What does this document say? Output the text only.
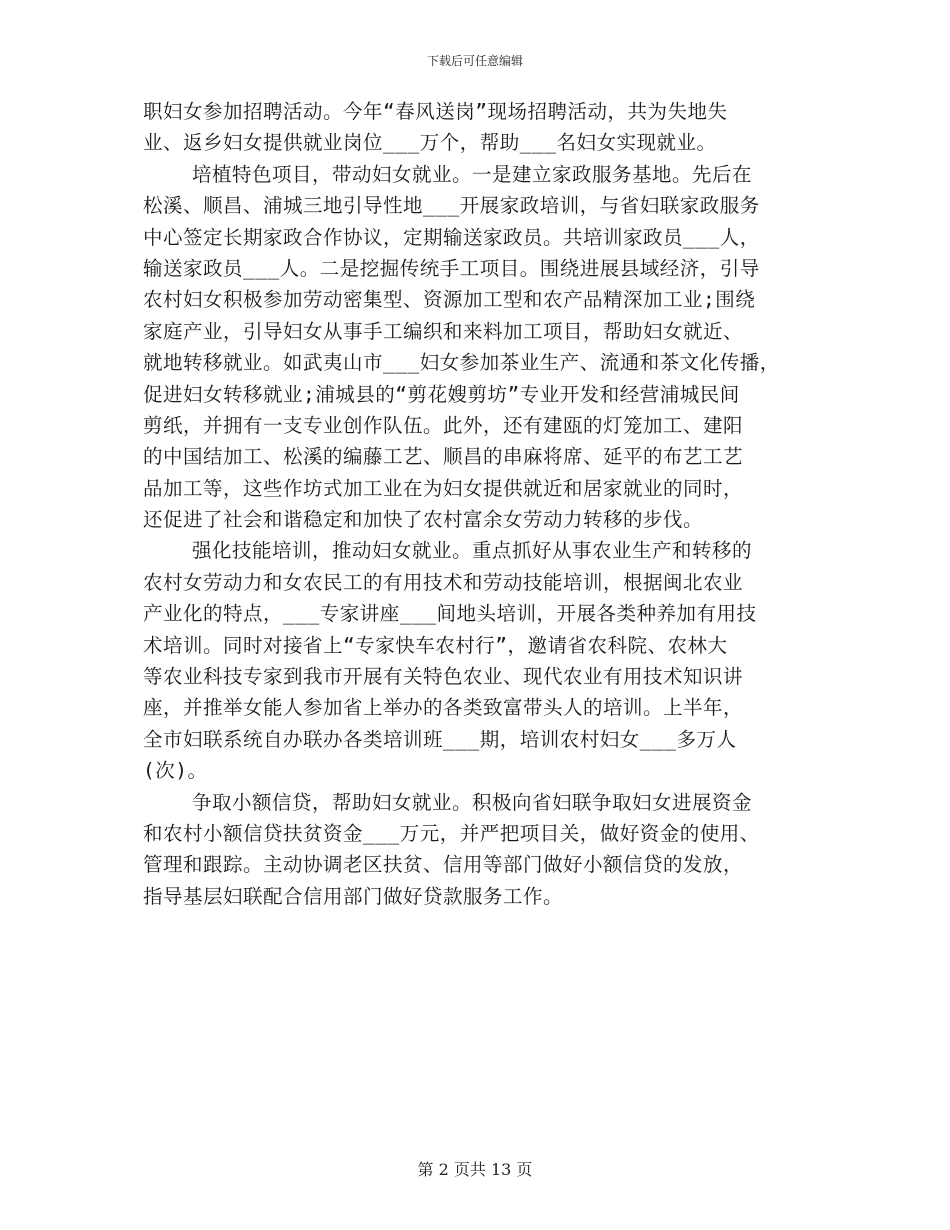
下载后可任意编辑
职妇女参加招聘活动。今年“春风送岗”现场招聘活动，共为失地失
业、返乡妇女提供就业岗位___万个，帮助___名妇女实现就业。
培植特色项目，带动妇女就业。一是建立家政服务基地。先后在
松溪、顺昌、浦城三地引导性地___开展家政培训，与省妇联家政服务
中心签定长期家政合作协议，定期输送家政员。共培训家政员___人，
输送家政员___人。二是挖掘传统手工项目。围绕进展县域经济，引导
农村妇女积极参加劳动密集型、资源加工型和农产品精深加工业;围绕
家庭产业，引导妇女从事手工编织和来料加工项目，帮助妇女就近、
就地转移就业。如武夷山市___妇女参加茶业生产、流通和茶文化传播，
促进妇女转移就业;浦城县的“剪花嫂剪坊”专业开发和经营浦城民间
剪纸，并拥有一支专业创作队伍。此外，还有建瓯的灯笼加工、建阳
的中国结加工、松溪的编藤工艺、顺昌的串麻将席、延平的布艺工艺
品加工等，这些作坊式加工业在为妇女提供就近和居家就业的同时，
还促进了社会和谐稳定和加快了农村富余女劳动力转移的步伐。
强化技能培训，推动妇女就业。重点抓好从事农业生产和转移的
农村女劳动力和女农民工的有用技术和劳动技能培训，根据闽北农业
产业化的特点，___专家讲座___间地头培训，开展各类种养加有用技
术培训。同时对接省上“专家快车农村行”，邀请省农科院、农林大
等农业科技专家到我市开展有关特色农业、现代农业有用技术知识讲
座，并推举女能人参加省上举办的各类致富带头人的培训。上半年，
全市妇联系统自办联办各类培训班___期，培训农村妇女___多万人
(次)。
争取小额信贷，帮助妇女就业。积极向省妇联争取妇女进展资金
和农村小额信贷扶贫资金___万元，并严把项目关，做好资金的使用、
管理和跟踪。主动协调老区扶贫、信用等部门做好小额信贷的发放，
指导基层妇联配合信用部门做好贷款服务工作。
第 2 页共 13 页
